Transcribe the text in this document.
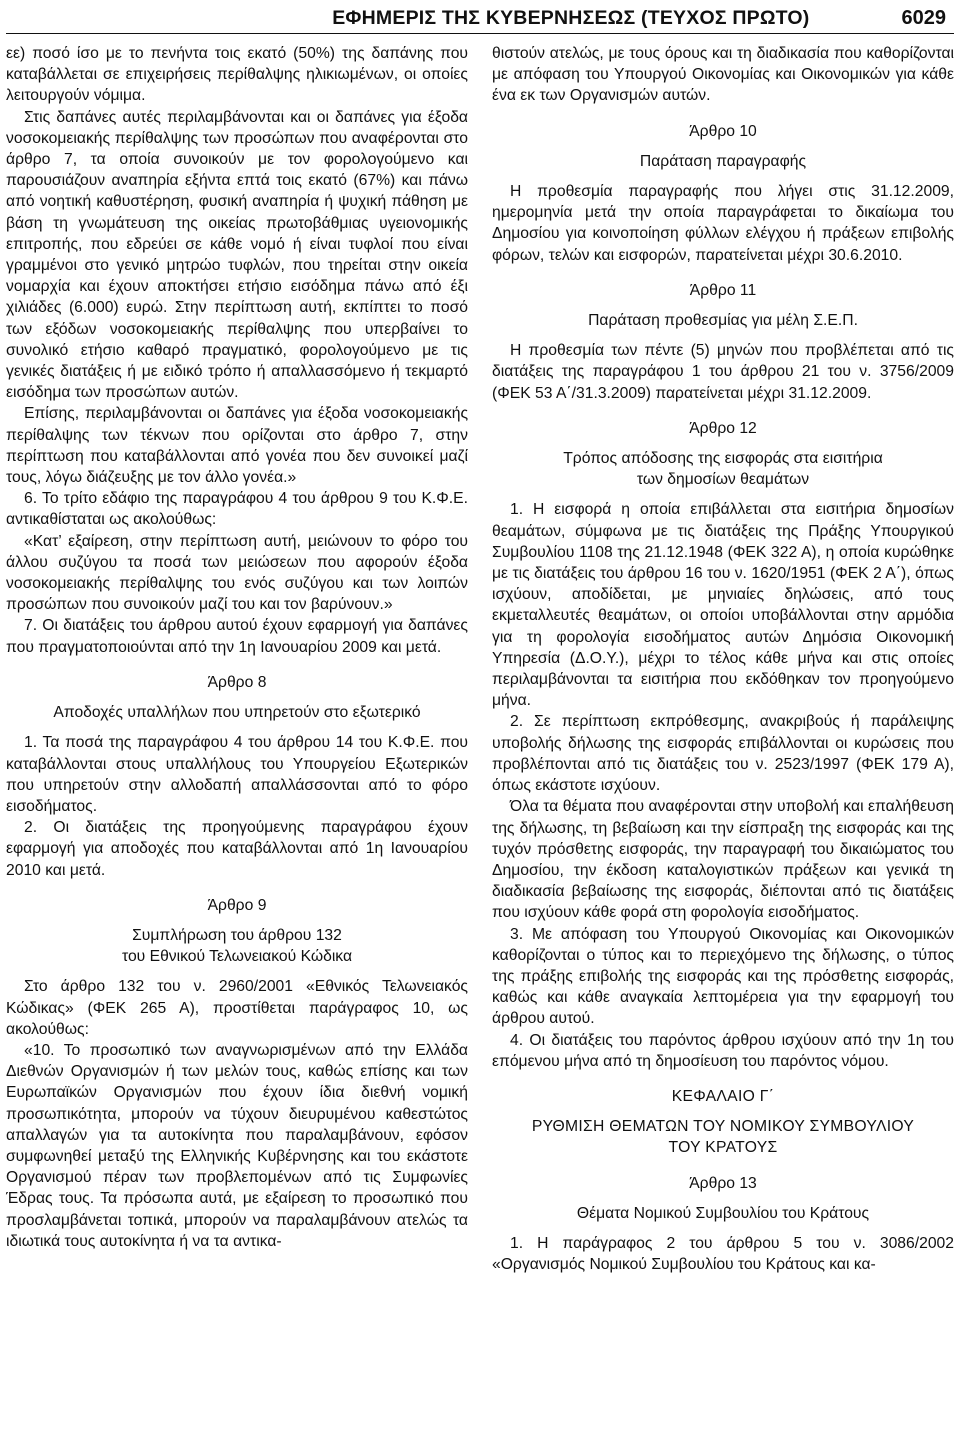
ΕΦΗΜΕΡΙΣ ΤΗΣ ΚΥΒΕΡΝΗΣΕΩΣ (ΤΕΥΧΟΣ ΠΡΩΤΟ)	6029

εε) ποσό ίσο με το πενήντα τοις εκατό (50%) της δαπάνης που καταβάλλεται σε επιχειρήσεις περίθαλψης ηλικιωμένων, οι οποίες λειτουργούν νόμιμα.

Στις δαπάνες αυτές περιλαμβάνονται και οι δαπάνες για έξοδα νοσοκομειακής περίθαλψης των προσώπων που αναφέρονται στο άρθρο 7, τα οποία συνοικούν με τον φορολογούμενο και παρουσιάζουν αναπηρία εξήντα επτά τοις εκατό (67%) και πάνω από νοητική καθυστέρηση, φυσική αναπηρία ή ψυχική πάθηση με βάση τη γνωμάτευση της οικείας πρωτοβάθμιας υγειονομικής επιτροπής, που εδρεύει σε κάθε νομό ή είναι τυφλοί που είναι γραμμένοι στο γενικό μητρώο τυφλών, που τηρείται στην οικεία νομαρχία και έχουν αποκτήσει ετήσιο εισόδημα πάνω από έξι χιλιάδες (6.000) ευρώ. Στην περίπτωση αυτή, εκπίπτει το ποσό των εξόδων νοσοκομειακής περίθαλψης που υπερβαίνει το συνολικό ετήσιο καθαρό πραγματικό, φορολογούμενο με τις γενικές διατάξεις ή με ειδικό τρόπο ή απαλλασσόμενο ή τεκμαρτό εισόδημα των προσώπων αυτών.

Επίσης, περιλαμβάνονται οι δαπάνες για έξοδα νοσοκομειακής περίθαλψης των τέκνων που ορίζονται στο άρθρο 7, στην περίπτωση που καταβάλλονται από γονέα που δεν συνοικεί μαζί τους, λόγω διάζευξης με τον άλλο γονέα.»

6. Το τρίτο εδάφιο της παραγράφου 4 του άρθρου 9 του Κ.Φ.Ε. αντικαθίσταται ως ακολούθως:

«Κατ’ εξαίρεση, στην περίπτωση αυτή, μειώνουν το φόρο του άλλου συζύγου τα ποσά των μειώσεων που αφορούν έξοδα νοσοκομειακής περίθαλψης του ενός συζύγου και των λοιπών προσώπων που συνοικούν μαζί του και τον βαρύνουν.»

7. Οι διατάξεις του άρθρου αυτού έχουν εφαρμογή για δαπάνες που πραγματοποιούνται από την 1η Ιανουαρίου 2009 και μετά.

Άρθρο 8
Αποδοχές υπαλλήλων που υπηρετούν στο εξωτερικό

1. Τα ποσά της παραγράφου 4 του άρθρου 14 του Κ.Φ.Ε. που καταβάλλονται στους υπαλλήλους του Υπουργείου Εξωτερικών που υπηρετούν στην αλλοδαπή απαλλάσσονται από το φόρο εισοδήματος.

2. Οι διατάξεις της προηγούμενης παραγράφου έχουν εφαρμογή για αποδοχές που καταβάλλονται από 1η Ιανουαρίου 2010 και μετά.

Άρθρο 9
Συμπλήρωση του άρθρου 132
του Εθνικού Τελωνειακού Κώδικα

Στο άρθρο 132 του ν. 2960/2001 «Εθνικός Τελωνειακός Κώδικας» (ΦΕΚ 265 Α), προστίθεται παράγραφος 10, ως ακολούθως:

«10. Το προσωπικό των αναγνωρισμένων από την Ελλάδα Διεθνών Οργανισμών ή των μελών τους, καθώς επίσης και των Ευρωπαϊκών Οργανισμών που έχουν ίδια διεθνή νομική προσωπικότητα, μπορούν να τύχουν διευρυμένου καθεστώτος απαλλαγών για τα αυτοκίνητα που παραλαμβάνουν, εφόσον συμφωνηθεί μεταξύ της Ελληνικής Κυβέρνησης και του εκάστοτε Οργανισμού πέραν των προβλεπομένων από τις Συμφωνίες Έδρας τους. Τα πρόσωπα αυτά, με εξαίρεση το προσωπικό που προσλαμβάνεται τοπικά, μπορούν να παραλαμβάνουν ατελώς τα ιδιωτικά τους αυτοκίνητα ή να τα αντικα-

θιστούν ατελώς, με τους όρους και τη διαδικασία που καθορίζονται με απόφαση του Υπουργού Οικονομίας και Οικονομικών για κάθε ένα εκ των Οργανισμών αυτών.

Άρθρο 10
Παράταση παραγραφής

Η προθεσμία παραγραφής που λήγει στις 31.12.2009, ημερομηνία μετά την οποία παραγράφεται το δικαίωμα του Δημοσίου για κοινοποίηση φύλλων ελέγχου ή πράξεων επιβολής φόρων, τελών και εισφορών, παρατείνεται μέχρι 30.6.2010.

Άρθρο 11
Παράταση προθεσμίας για μέλη Σ.Ε.Π.

Η προθεσμία των πέντε (5) μηνών που προβλέπεται από τις διατάξεις της παραγράφου 1 του άρθρου 21 του ν. 3756/2009 (ΦΕΚ 53 Α΄/31.3.2009) παρατείνεται μέχρι 31.12.2009.

Άρθρο 12
Τρόπος απόδοσης της εισφοράς στα εισιτήρια
των δημοσίων θεαμάτων

1. Η εισφορά η οποία επιβάλλεται στα εισιτήρια δημοσίων θεαμάτων, σύμφωνα με τις διατάξεις της Πράξης Υπουργικού Συμβουλίου 1108 της 21.12.1948 (ΦΕΚ 322 Α), η οποία κυρώθηκε με τις διατάξεις του άρθρου 16 του ν. 1620/1951 (ΦΕΚ 2 Α΄), όπως ισχύουν, αποδίδεται, με μηνιαίες δηλώσεις, από τους εκμεταλλευτές θεαμάτων, οι οποίοι υποβάλλονται στην αρμόδια για τη φορολογία εισοδήματος αυτών Δημόσια Οικονομική Υπηρεσία (Δ.Ο.Υ.), μέχρι το τέλος κάθε μήνα και στις οποίες περιλαμβάνονται τα εισιτήρια που εκδόθηκαν τον προηγούμενο μήνα.

2. Σε περίπτωση εκπρόθεσμης, ανακριβούς ή παράλειψης υποβολής δήλωσης της εισφοράς επιβάλλονται οι κυρώσεις που προβλέπονται από τις διατάξεις του ν. 2523/1997 (ΦΕΚ 179 Α), όπως εκάστοτε ισχύουν.

Όλα τα θέματα που αναφέρονται στην υποβολή και επαλήθευση της δήλωσης, τη βεβαίωση και την είσπραξη της εισφοράς και της τυχόν πρόσθετης εισφοράς, την παραγραφή του δικαιώματος του Δημοσίου, την έκδοση καταλογιστικών πράξεων και γενικά τη διαδικασία βεβαίωσης της εισφοράς, διέπονται από τις διατάξεις που ισχύουν κάθε φορά στη φορολογία εισοδήματος.

3. Με απόφαση του Υπουργού Οικονομίας και Οικονομικών καθορίζονται ο τύπος και το περιεχόμενο της δήλωσης, ο τύπος της πράξης επιβολής της εισφοράς και της πρόσθετης εισφοράς, καθώς και κάθε αναγκαία λεπτομέρεια για την εφαρμογή του άρθρου αυτού.

4. Οι διατάξεις του παρόντος άρθρου ισχύουν από την 1η του επόμενου μήνα από τη δημοσίευση του παρόντος νόμου.

ΚΕΦΑΛΑΙΟ Γ΄
ΡΥΘΜΙΣΗ ΘΕΜΑΤΩΝ ΤΟΥ ΝΟΜΙΚΟΥ ΣΥΜΒΟΥΛΙΟΥ
ΤΟΥ ΚΡΑΤΟΥΣ
Άρθρο 13
Θέματα Νομικού Συμβουλίου του Κράτους

1. Η παράγραφος 2 του άρθρου 5 του ν. 3086/2002 «Οργανισμός Νομικού Συμβουλίου του Κράτους και κα-
